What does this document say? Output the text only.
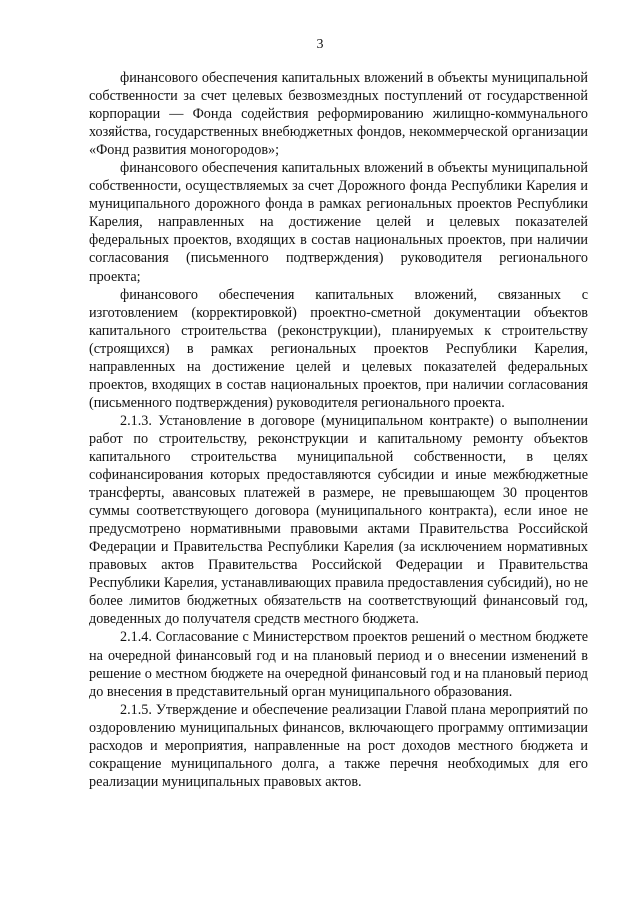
3

финансового обеспечения капитальных вложений в объекты муниципальной собственности за счет целевых безвозмездных поступлений от государственной корпорации — Фонда содействия реформированию жилищно-коммунального хозяйства, государственных внебюджетных фондов, некоммерческой организации «Фонд развития моногородов»;

финансового обеспечения капитальных вложений в объекты муниципальной собственности, осуществляемых за счет Дорожного фонда Республики Карелия и муниципального дорожного фонда в рамках региональных проектов Республики Карелия, направленных на достижение целей и целевых показателей федеральных проектов, входящих в состав национальных проектов, при наличии согласования (письменного подтверждения) руководителя регионального проекта;

финансового обеспечения капитальных вложений, связанных с изготовлением (корректировкой) проектно-сметной документации объектов капитального строительства (реконструкции), планируемых к строительству (строящихся) в рамках региональных проектов Республики Карелия, направленных на достижение целей и целевых показателей федеральных проектов, входящих в состав национальных проектов, при наличии согласования (письменного подтверждения) руководителя регионального проекта.

2.1.3. Установление в договоре (муниципальном контракте) о выполнении работ по строительству, реконструкции и капитальному ремонту объектов капитального строительства муниципальной собственности, в целях софинансирования которых предоставляются субсидии и иные межбюджетные трансферты, авансовых платежей в размере, не превышающем 30 процентов суммы соответствующего договора (муниципального контракта), если иное не предусмотрено нормативными правовыми актами Правительства Российской Федерации и Правительства Республики Карелия (за исключением нормативных правовых актов Правительства Российской Федерации и Правительства Республики Карелия, устанавливающих правила предоставления субсидий), но не более лимитов бюджетных обязательств на соответствующий финансовый год, доведенных до получателя средств местного бюджета.

2.1.4. Согласование с Министерством проектов решений о местном бюджете на очередной финансовый год и на плановый период и о внесении изменений в решение о местном бюджете на очередной финансовый год и на плановый период до внесения в представительный орган муниципального образования.

2.1.5. Утверждение и обеспечение реализации Главой плана мероприятий по оздоровлению муниципальных финансов, включающего программу оптимизации расходов и мероприятия, направленные на рост доходов местного бюджета и сокращение муниципального долга, а также перечня необходимых для его реализации муниципальных правовых актов.
